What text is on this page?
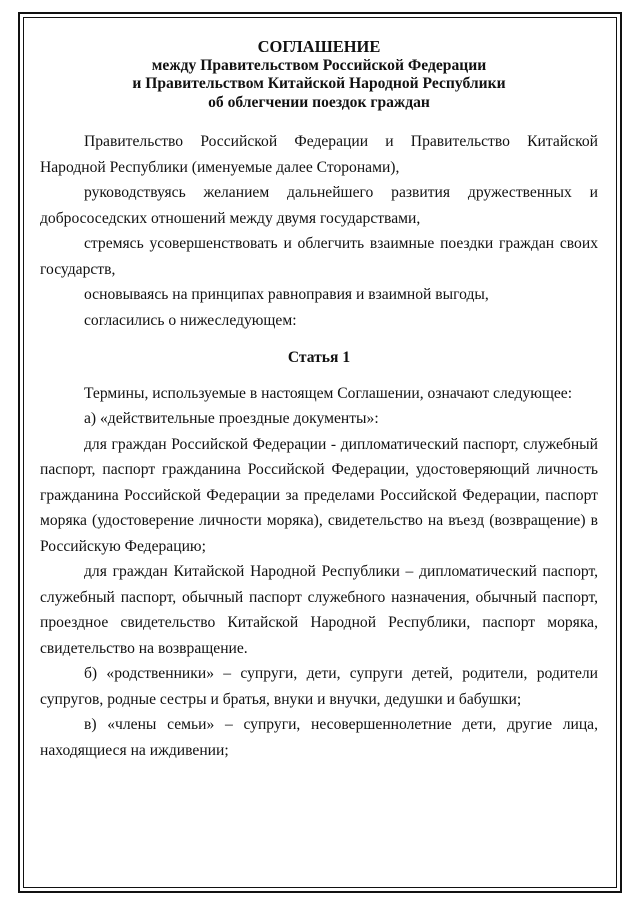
СОГЛАШЕНИЕ
между Правительством Российской Федерации
и Правительством Китайской Народной Республики
об облегчении поездок граждан

Правительство Российской Федерации и Правительство Китайской Народной Республики (именуемые далее Сторонами),

руководствуясь желанием дальнейшего развития дружественных и добрососедских отношений между двумя государствами,

стремясь усовершенствовать и облегчить взаимные поездки граждан своих государств,

основываясь на принципах равноправия и взаимной выгоды,

согласились о нижеследующем:

Статья 1

Термины, используемые в настоящем Соглашении, означают следующее:

а) «действительные проездные документы»:

для граждан Российской Федерации - дипломатический паспорт, служебный паспорт, паспорт гражданина Российской Федерации, удостоверяющий личность гражданина Российской Федерации за пределами Российской Федерации, паспорт моряка (удостоверение личности моряка), свидетельство на въезд (возвращение) в Российскую Федерацию;

для граждан Китайской Народной Республики – дипломатический паспорт, служебный паспорт, обычный паспорт служебного назначения, обычный паспорт, проездное свидетельство Китайской Народной Республики, паспорт моряка, свидетельство на возвращение.

б) «родственники» – супруги, дети, супруги детей, родители, родители супругов, родные сестры и братья, внуки и внучки, дедушки и бабушки;

в) «члены семьи» – супруги, несовершеннолетние дети, другие лица, находящиеся на иждивении;
